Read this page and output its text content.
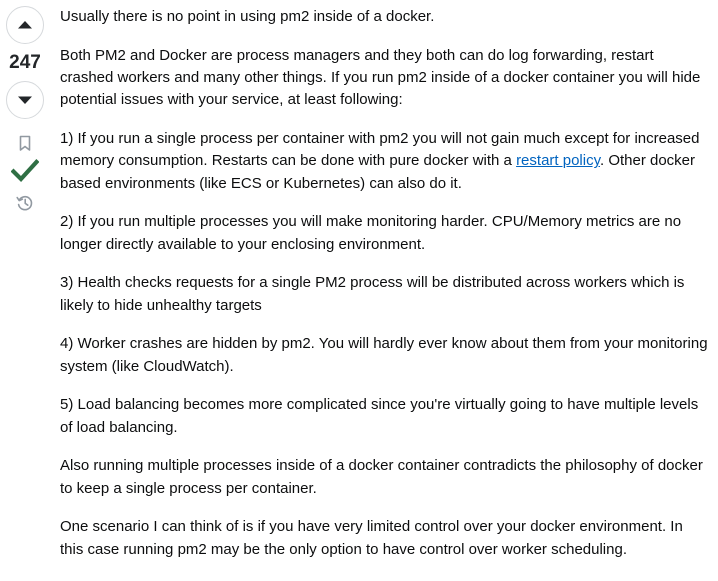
247

Usually there is no point in using pm2 inside of a docker.

Both PM2 and Docker are process managers and they both can do log forwarding, restart crashed workers and many other things. If you run pm2 inside of a docker container you will hide potential issues with your service, at least following:

1) If you run a single process per container with pm2 you will not gain much except for increased memory consumption. Restarts can be done with pure docker with a restart policy. Other docker based environments (like ECS or Kubernetes) can also do it.

2) If you run multiple processes you will make monitoring harder. CPU/Memory metrics are no longer directly available to your enclosing environment.

3) Health checks requests for a single PM2 process will be distributed across workers which is likely to hide unhealthy targets

4) Worker crashes are hidden by pm2. You will hardly ever know about them from your monitoring system (like CloudWatch).

5) Load balancing becomes more complicated since you're virtually going to have multiple levels of load balancing.

Also running multiple processes inside of a docker container contradicts the philosophy of docker to keep a single process per container.

One scenario I can think of is if you have very limited control over your docker environment. In this case running pm2 may be the only option to have control over worker scheduling.
